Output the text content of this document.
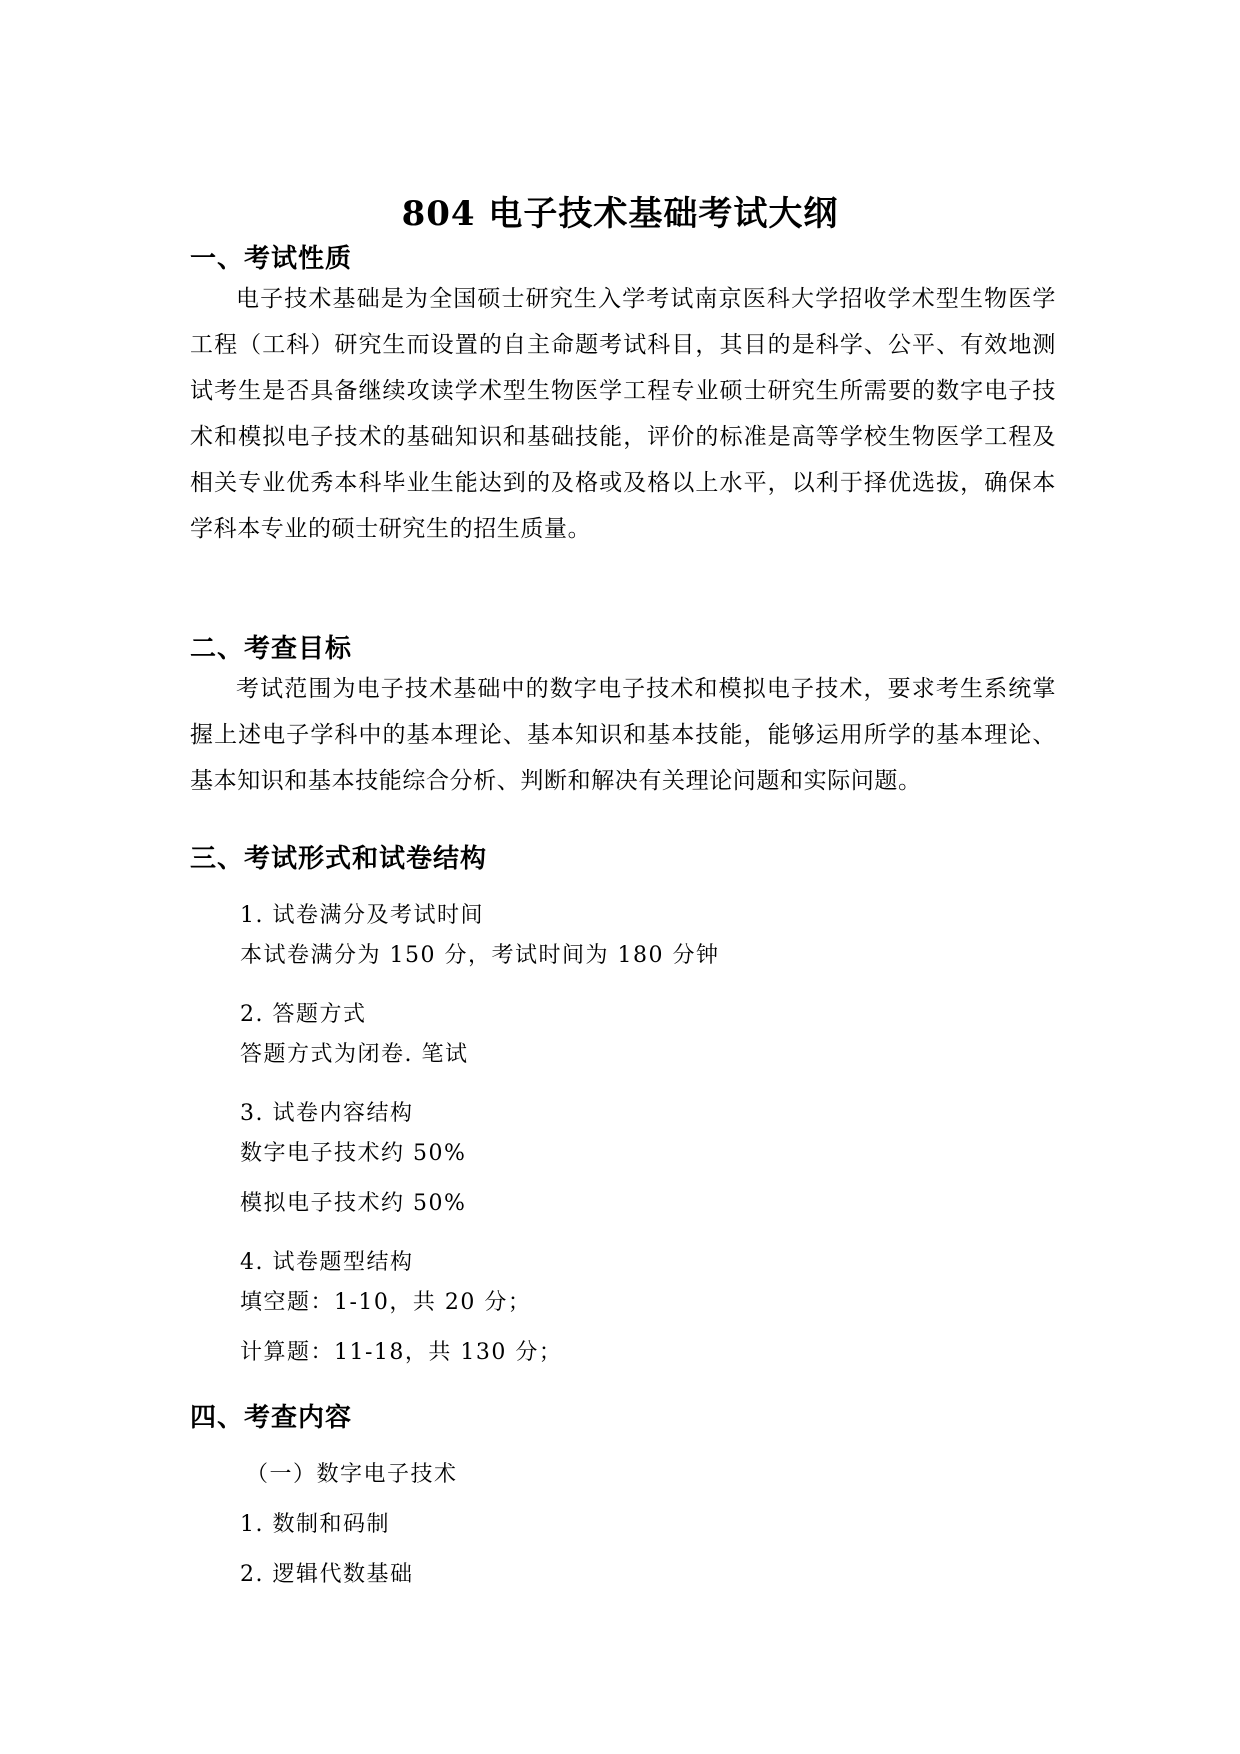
804 电子技术基础考试大纲
一、考试性质
电子技术基础是为全国硕士研究生入学考试南京医科大学招收学术型生物医学工程（工科）研究生而设置的自主命题考试科目，其目的是科学、公平、有效地测试考生是否具备继续攻读学术型生物医学工程专业硕士研究生所需要的数字电子技术和模拟电子技术的基础知识和基础技能，评价的标准是高等学校生物医学工程及相关专业优秀本科毕业生能达到的及格或及格以上水平，以利于择优选拔，确保本学科本专业的硕士研究生的招生质量。
二、考查目标
考试范围为电子技术基础中的数字电子技术和模拟电子技术，要求考生系统掌握上述电子学科中的基本理论、基本知识和基本技能，能够运用所学的基本理论、基本知识和基本技能综合分析、判断和解决有关理论问题和实际问题。
三、考试形式和试卷结构
1. 试卷满分及考试时间
本试卷满分为 150 分，考试时间为 180 分钟
2. 答题方式
答题方式为闭卷. 笔试
3. 试卷内容结构
数字电子技术约 50%
模拟电子技术约 50%
4. 试卷题型结构
填空题：1-10，共 20 分；
计算题：11-18，共 130 分；
四、考查内容
（一）数字电子技术
1. 数制和码制
2. 逻辑代数基础
